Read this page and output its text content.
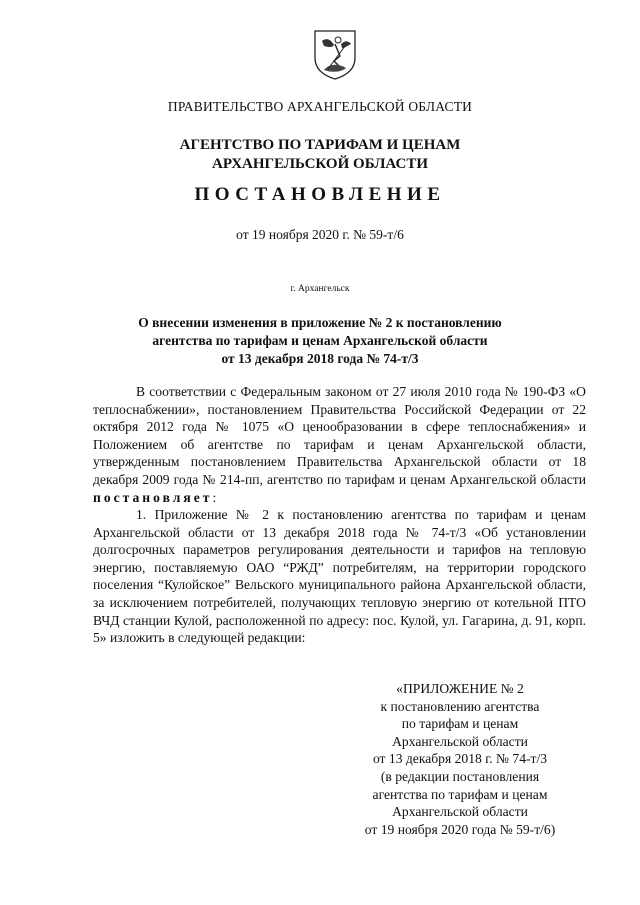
ПРАВИТЕЛЬСТВО АРХАНГЕЛЬСКОЙ ОБЛАСТИ
АГЕНТСТВО ПО ТАРИФАМ И ЦЕНАМ
АРХАНГЕЛЬСКОЙ ОБЛАСТИ
ПОСТАНОВЛЕНИЕ
от 19 ноября 2020 г. № 59-т/6
г. Архангельск
О внесении изменения в приложение № 2 к постановлению
агентства по тарифам и ценам Архангельской области
от 13 декабря 2018 года № 74-т/3

В соответствии с Федеральным законом от 27 июля 2010 года № 190-ФЗ «О теплоснабжении», постановлением Правительства Российской Федерации от 22 октября 2012 года № 1075 «О ценообразовании в сфере теплоснабжения» и Положением об агентстве по тарифам и ценам Архангельской области, утвержденным постановлением Правительства Архангельской области от 18 декабря 2009 года № 214-пп, агентство по тарифам и ценам Архангельской области постановляет:

1. Приложение № 2 к постановлению агентства по тарифам и ценам Архангельской области от 13 декабря 2018 года № 74-т/3 «Об установлении долгосрочных параметров регулирования деятельности и тарифов на тепловую энергию, поставляемую ОАО “РЖД” потребителям, на территории городского поселения “Кулойское” Вельского муниципального района Архангельской области, за исключением потребителей, получающих тепловую энергию от котельной ПТО ВЧД станции Кулой, расположенной по адресу: пос. Кулой, ул. Гагарина, д. 91, корп. 5» изложить в следующей редакции:

«ПРИЛОЖЕНИЕ № 2
к постановлению агентства
по тарифам и ценам
Архангельской области
от 13 декабря 2018 г. № 74-т/3
(в редакции постановления
агентства по тарифам и ценам
Архангельской области
от 19 ноября 2020 года № 59-т/6)
